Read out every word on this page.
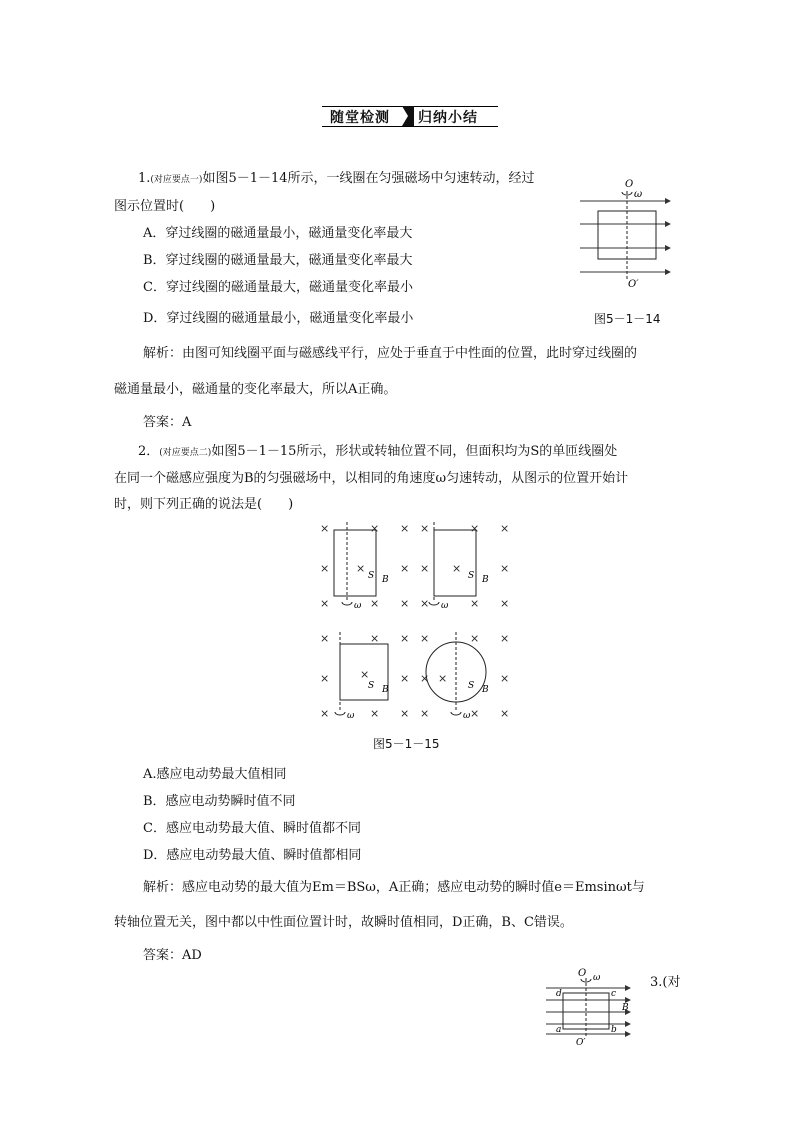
随堂检测 归纳小结
1.(对应要点一)如图5－1－14所示，一线圈在匀强磁场中匀速转动，经过
图示位置时(　　)
A．穿过线圈的磁通量最小，磁通量变化率最大
B．穿过线圈的磁通量最大，磁通量变化率最大
C．穿过线圈的磁通量最大，磁通量变化率最小
D．穿过线圈的磁通量最小，磁通量变化率最小
O
ω
O′
图5－1－14
解析：由图可知线圈平面与磁感线平行，应处于垂直于中性面的位置，此时穿过线圈的
磁通量最小，磁通量的变化率最大，所以A正确。
答案：A
2．(对应要点二)如图5－1－15所示，形状或转轴位置不同，但面积均为S的单匝线圈处
在同一个磁感应强度为B的匀强磁场中，以相同的角速度ω匀速转动，从图示的位置开始计
时，则下列正确的说法是(　　)
×	× ×
×	×
×	× ×
×
ω
S B
×	× ×
×	×
×	× ×
×
ω
S B
×	× ×
×	×
×	× ×
×
ω
S B
×	× ×
×	×
×	× ×
×
ω
S B
图5－1－15
A.感应电动势最大值相同
B．感应电动势瞬时值不同
C．感应电动势最大值、瞬时值都不同
D．感应电动势最大值、瞬时值都相同
解析：感应电动势的最大值为Em＝BSω，A正确；感应电动势的瞬时值e＝Emsinωt与
转轴位置无关，图中都以中性面位置计时，故瞬时值相同，D正确，B、C错误。
答案：AD
O ω
d	c
a	b
B
O′
3.(对
